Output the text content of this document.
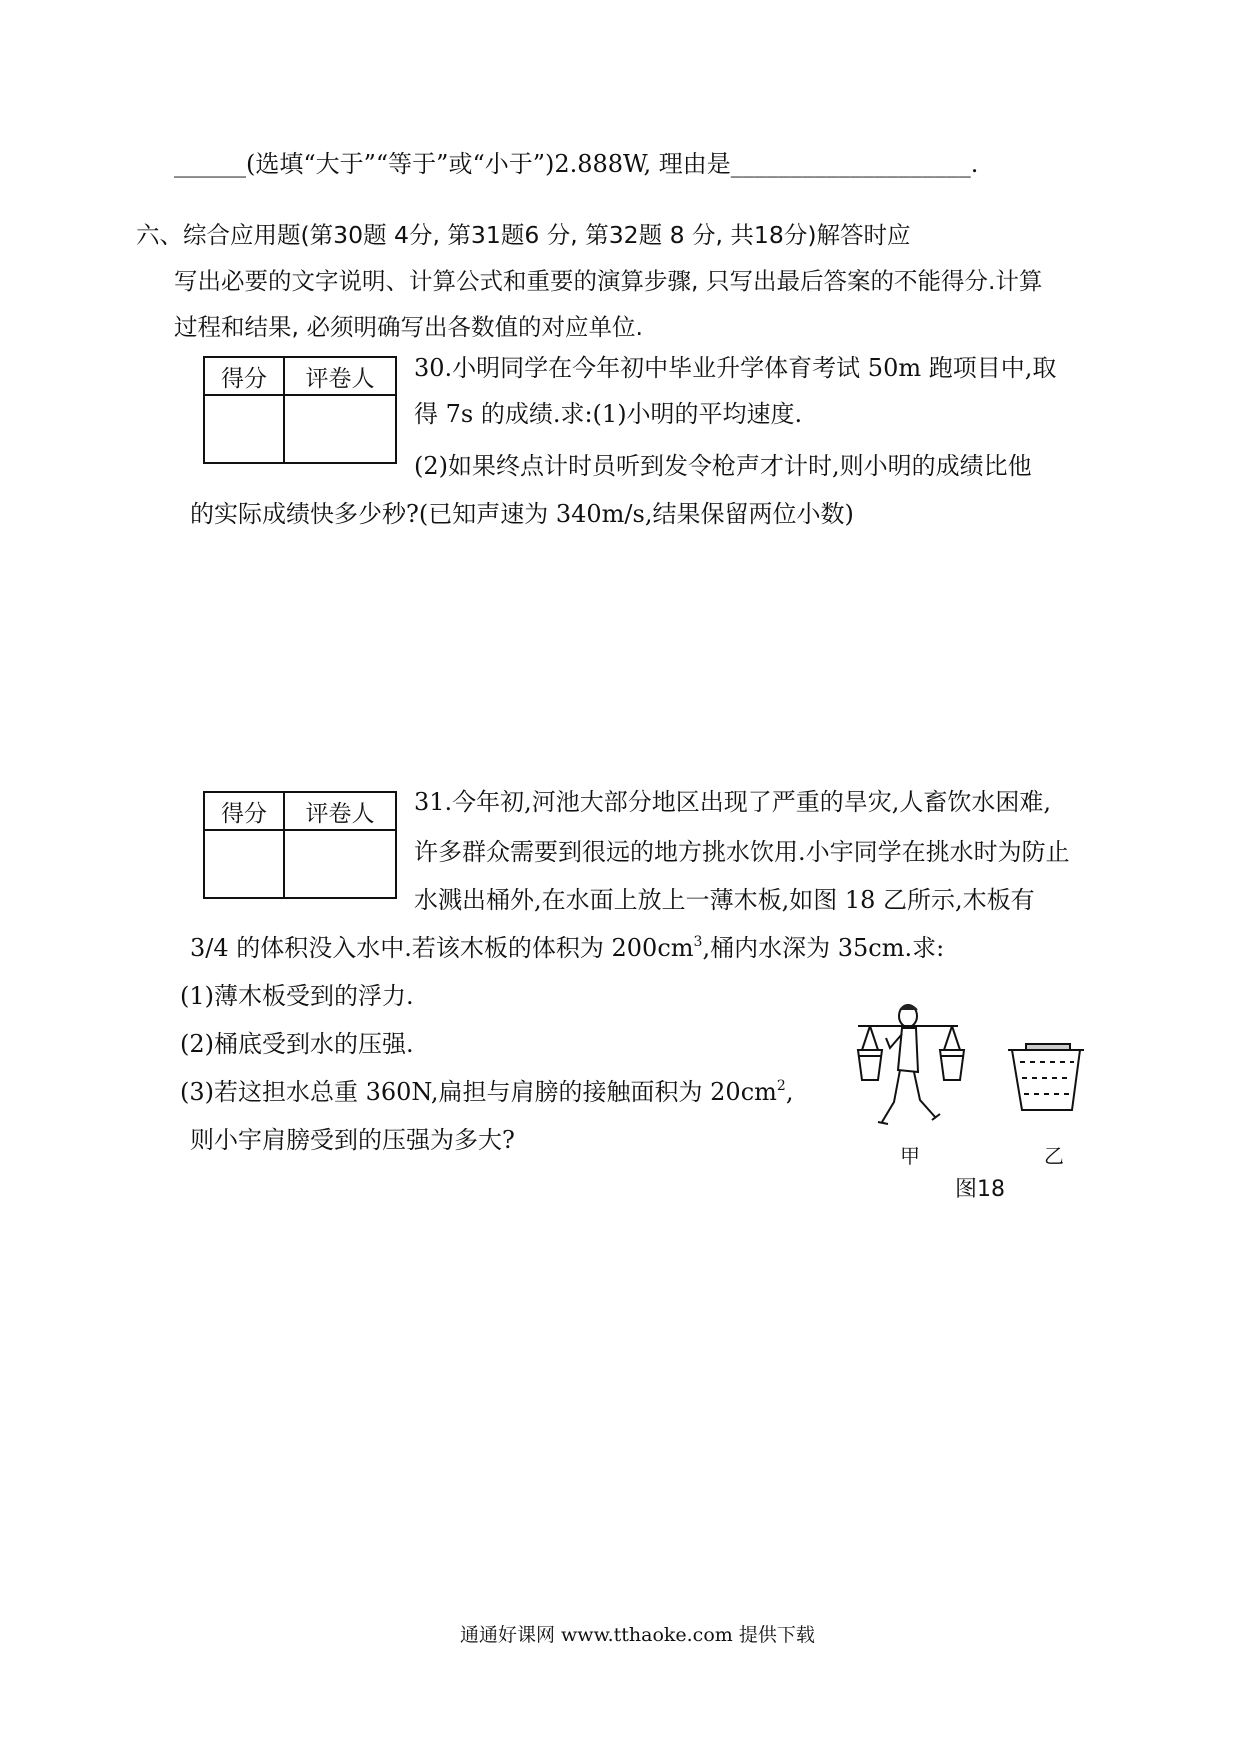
______(选填“大于”“等于”或“小于”)2.888W, 理由是____________________.
六、综合应用题(第30题 4分, 第31题6 分, 第32题 8 分, 共18分)解答时应
写出必要的文字说明、计算公式和重要的演算步骤, 只写出最后答案的不能得分.计算
过程和结果, 必须明确写出各数值的对应单位.
得分	评卷人
	30.小明同学在今年初中毕业升学体育考试 50m 跑项目中,取
得 7s 的成绩.求:(1)小明的平均速度.
(2)如果终点计时员听到发令枪声才计时,则小明的成绩比他
的实际成绩快多少秒?(已知声速为 340m/s,结果保留两位小数)
得分	评卷人
	31.今年初,河池大部分地区出现了严重的旱灾,人畜饮水困难,
许多群众需要到很远的地方挑水饮用.小宇同学在挑水时为防止
水溅出桶外,在水面上放上一薄木板,如图 18 乙所示,木板有
3/4 的体积没入水中.若该木板的体积为 $200cm^3$,桶内水深为 35cm.求:
(1)薄木板受到的浮力.
(2)桶底受到水的压强.
(3)若这担水总重 360N,扁担与肩膀的接触面积为 $20cm^2$,
则小宇肩膀受到的压强为多大?
甲	乙
图18
通通好课网 www.tthaoke.com 提供下载
